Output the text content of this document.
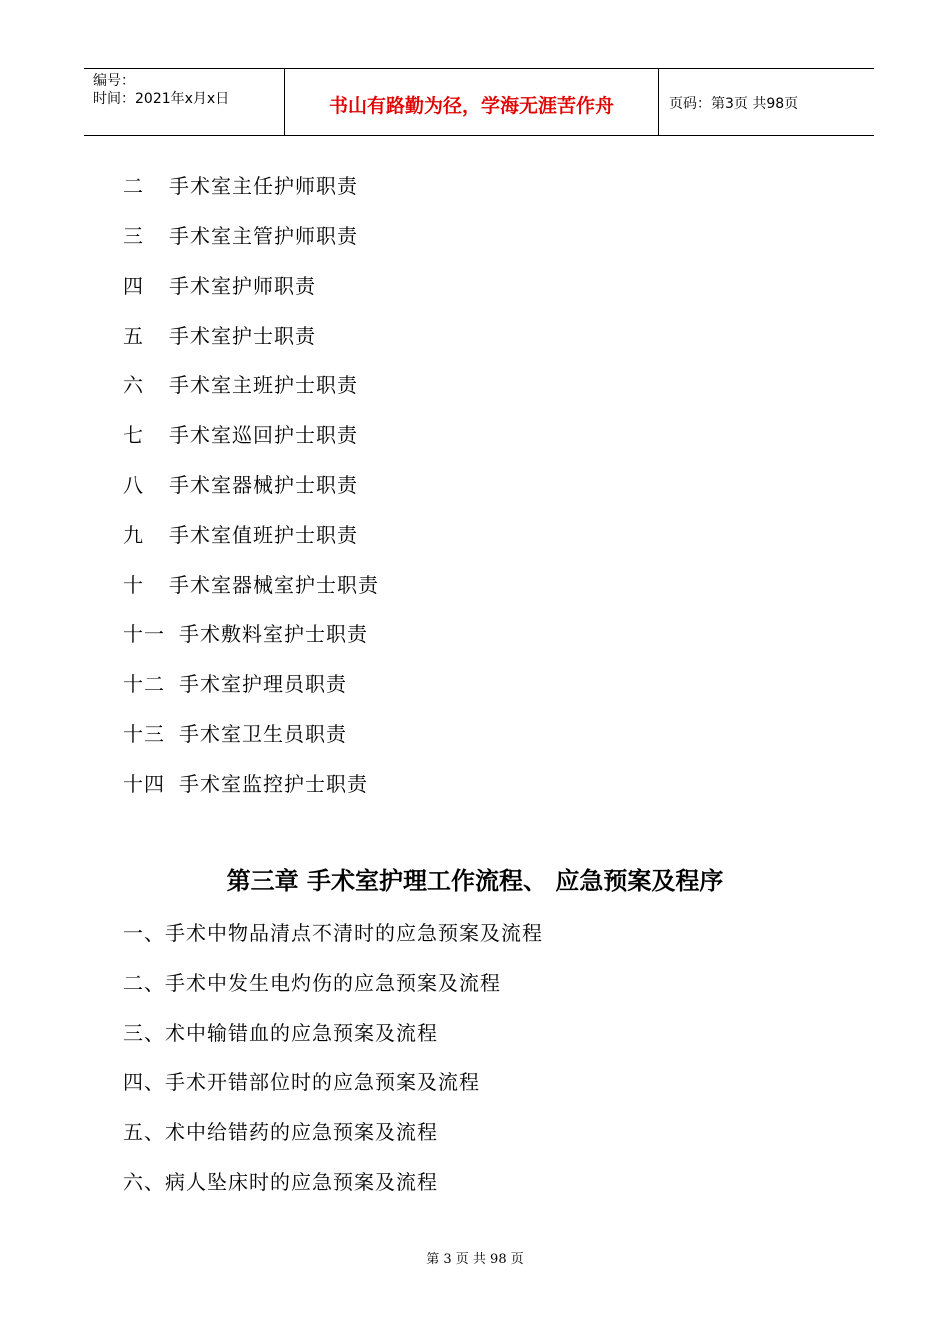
编号：
时间：2021年x月x日	书山有路勤为径，学海无涯苦作舟	页码：第3页 共98页
二 手术室主任护师职责
三 手术室主管护师职责
四 手术室护师职责
五 手术室护士职责
六 手术室主班护士职责
七 手术室巡回护士职责
八 手术室器械护士职责
九 手术室值班护士职责
十 手术室器械室护士职责
十一 手术敷料室护士职责
十二 手术室护理员职责
十三 手术室卫生员职责
十四 手术室监控护士职责
第三章 手术室护理工作流程、 应急预案及程序
一、手术中物品清点不清时的应急预案及流程
二、手术中发生电灼伤的应急预案及流程
三、术中输错血的应急预案及流程
四、手术开错部位时的应急预案及流程
五、术中给错药的应急预案及流程
六、病人坠床时的应急预案及流程
第 3 页 共 98 页
